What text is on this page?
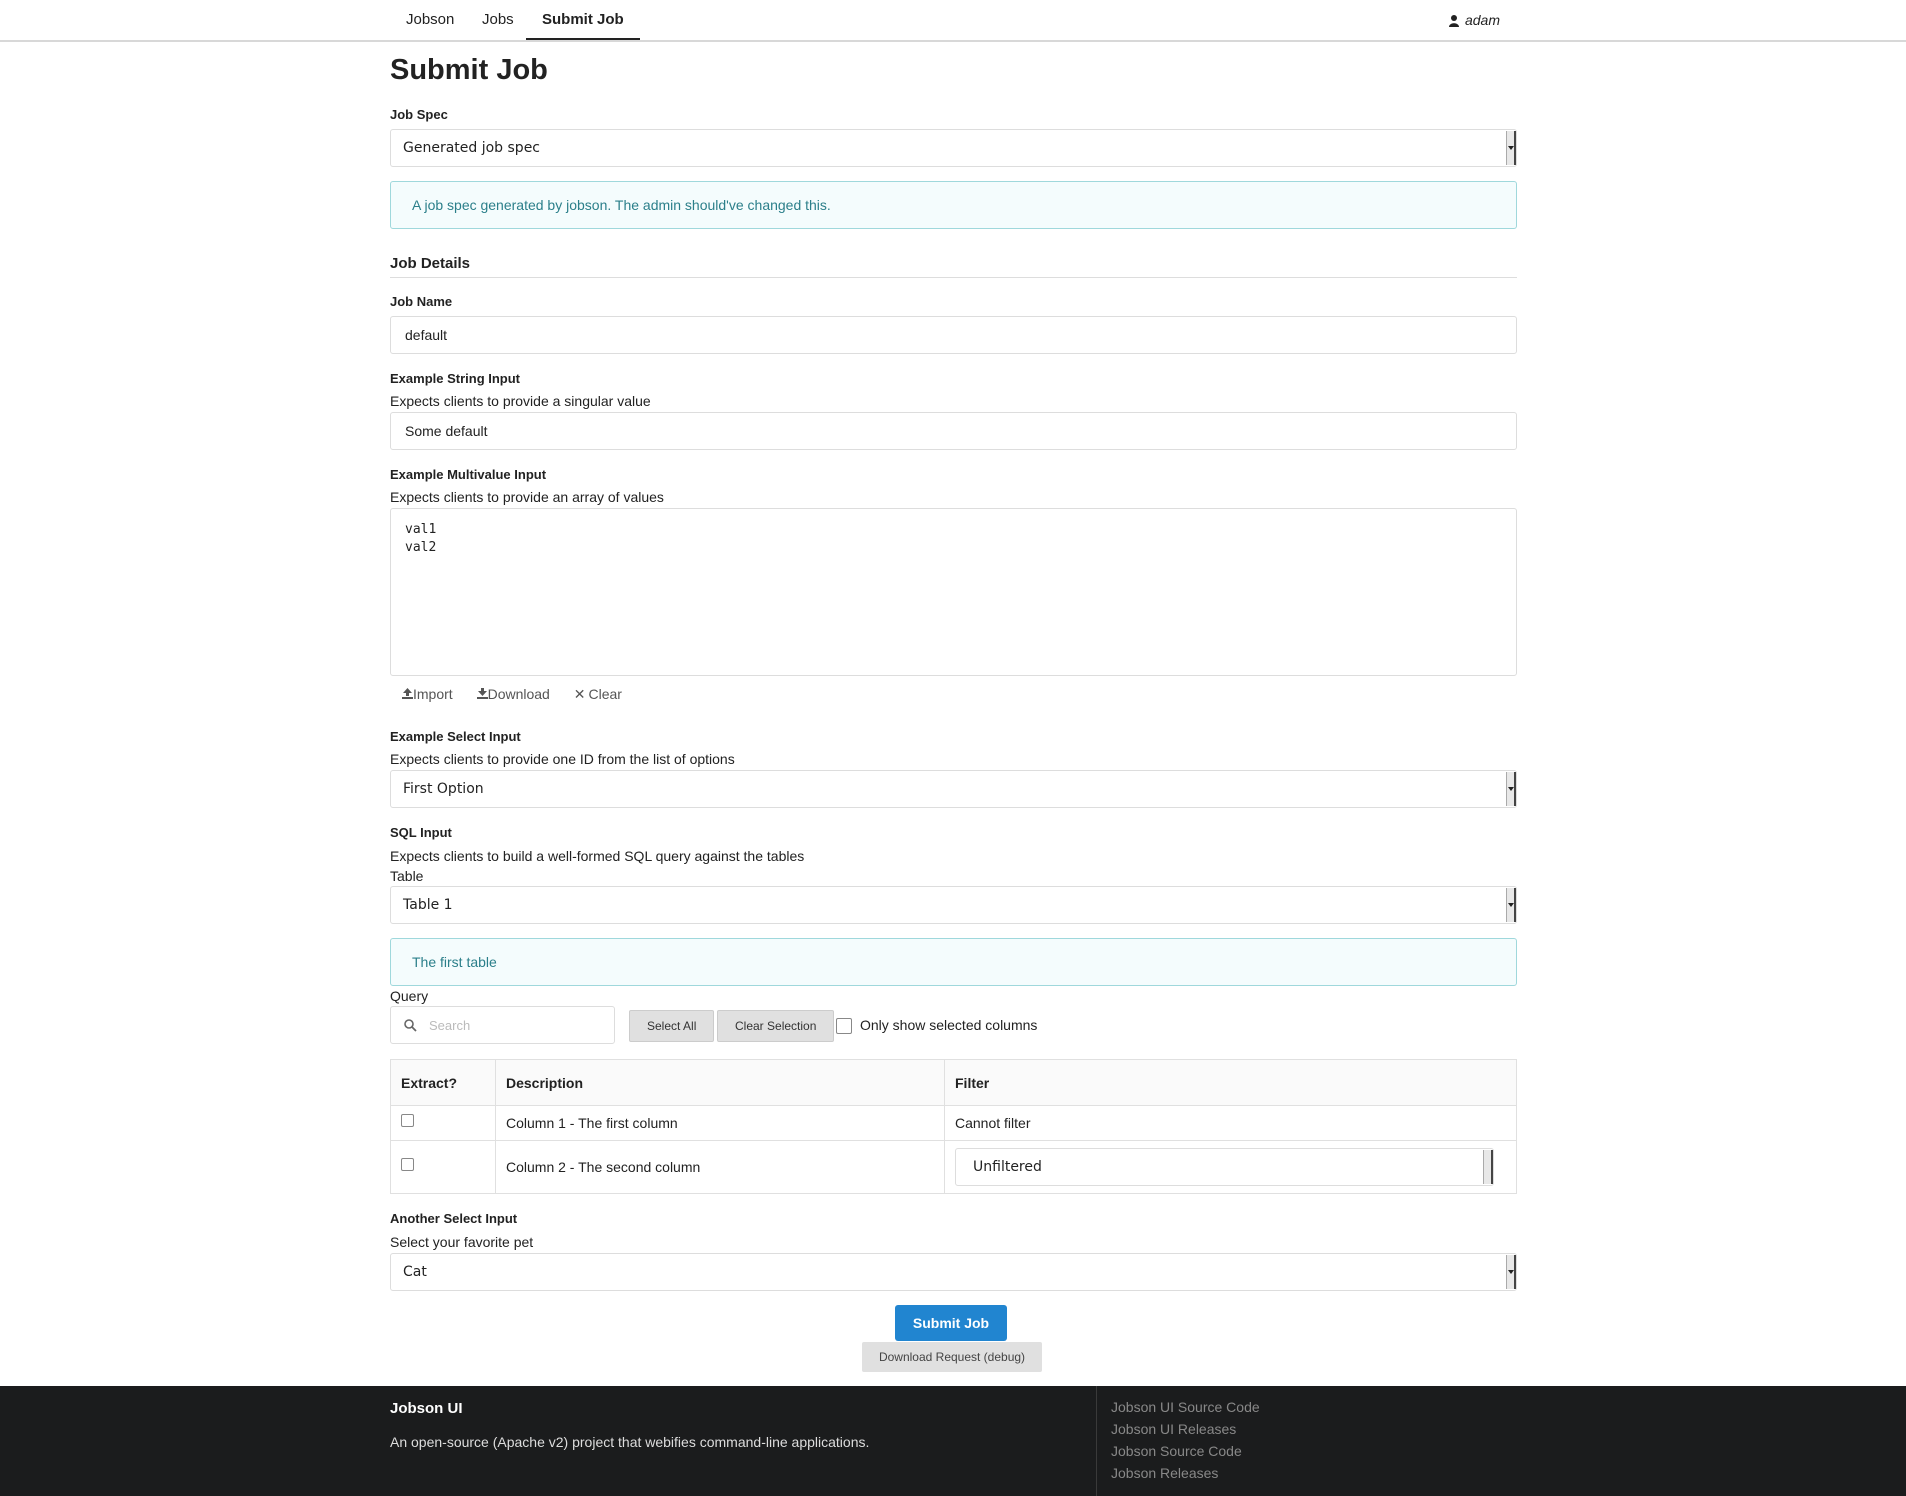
Jobson Jobs	Submit Job	adam
Submit Job
Job Spec
Generated job spec
A job spec generated by jobson. The admin should've changed this.
Job Details
Job Name
default
Example String Input
Expects clients to provide a singular value
Some default
Example Multivalue Input
Expects clients to provide an array of values
val1 val2
Import Download ✕ Clear
Example Select Input
Expects clients to provide one ID from the list of options
First Option
SQL Input
Expects clients to build a well-formed SQL query against the tables
Table
Table 1
The first table
Query
Search
Select All	Clear Selection	Only show selected columns
Extract?	Description	Filter

	Column 1 - The first column	Cannot filter

	Column 2 - The second column	Unfiltered
Another Select Input
Select your favorite pet
Cat
Submit Job
Download Request (debug)
Jobson UI
An open-source (Apache v2) project that webifies command-line applications.
Jobson UI Source Code
Jobson UI Releases
Jobson Source Code
Jobson Releases
